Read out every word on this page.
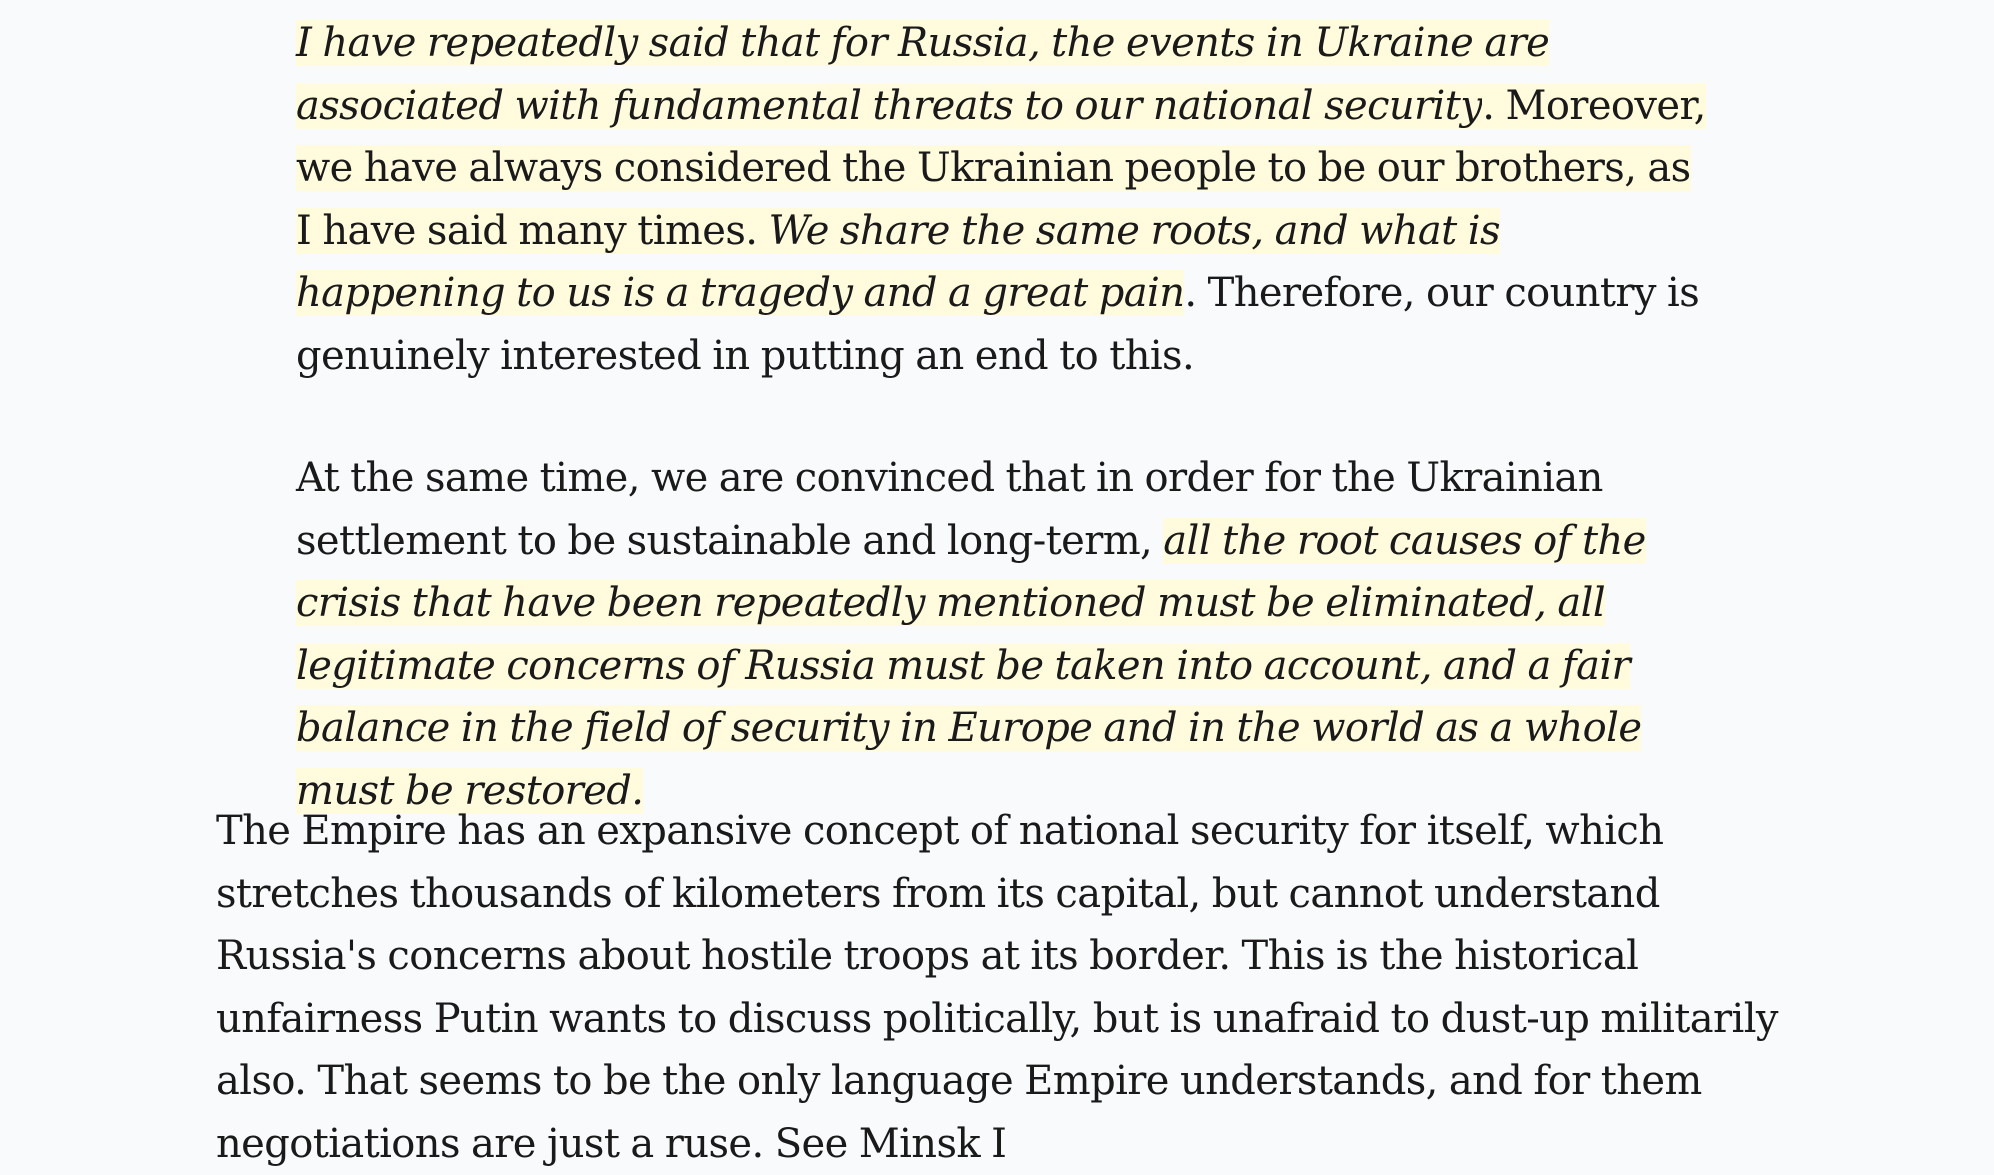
I have repeatedly said that for Russia, the events in Ukraine are associated with fundamental threats to our national security. Moreover, we have always considered the Ukrainian people to be our brothers, as I have said many times. We share the same roots, and what is happening to us is a tragedy and a great pain. Therefore, our country is genuinely interested in putting an end to this.

At the same time, we are convinced that in order for the Ukrainian settlement to be sustainable and long-term, all the root causes of the crisis that have been repeatedly mentioned must be eliminated, all legitimate concerns of Russia must be taken into account, and a fair balance in the field of security in Europe and in the world as a whole must be restored.

The Empire has an expansive concept of national security for itself, which stretches thousands of kilometers from its capital, but cannot understand Russia's concerns about hostile troops at its border. This is the historical unfairness Putin wants to discuss politically, but is unafraid to dust-up militarily also. That seems to be the only language Empire understands, and for them negotiations are just a ruse. See Minsk I
